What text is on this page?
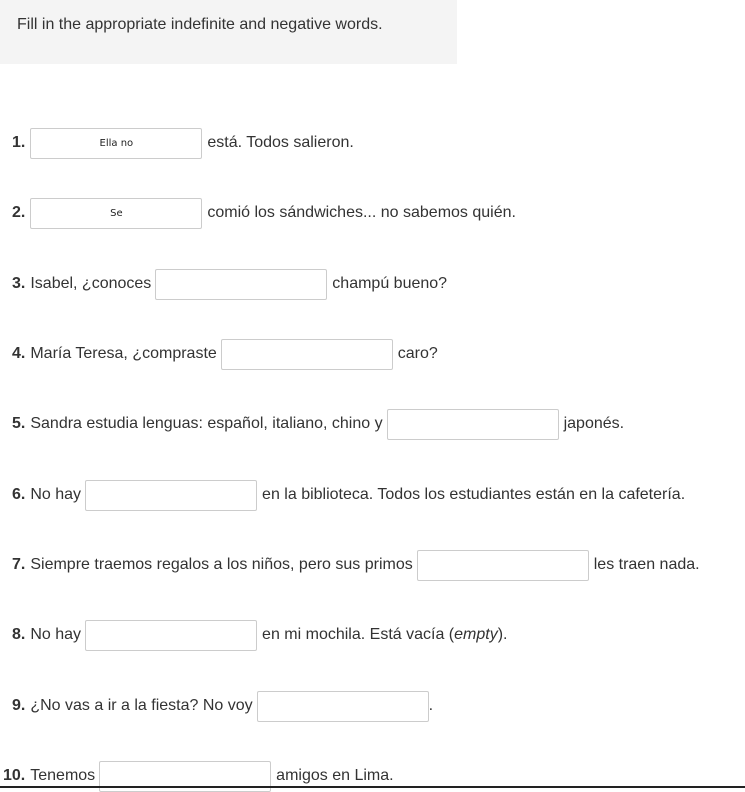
Fill in the appropriate indefinite and negative words.
1.	Ella no	está. Todos salieron.
2.	Se	comió los sándwiches... no sabemos quién.
3. Isabel, ¿conoces	champú bueno?
4. María Teresa, ¿compraste	caro?
5. Sandra estudia lenguas: español, italiano, chino y	japonés.
6. No hay	en la biblioteca. Todos los estudiantes están en la cafetería.
7. Siempre traemos regalos a los niños, pero sus primos	les traen nada.
8. No hay	en mi mochila. Está vacía (empty).
9. ¿No vas a ir a la fiesta? No voy	.
10. Tenemos	amigos en Lima.
